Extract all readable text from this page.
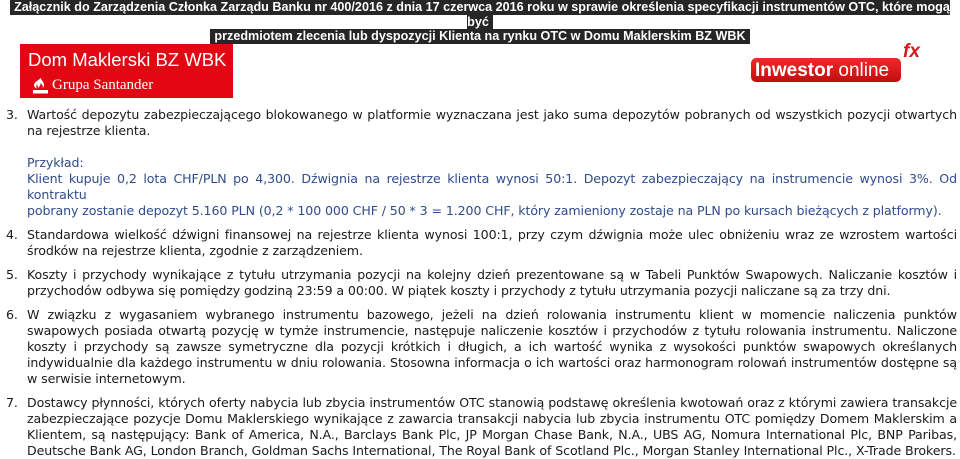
Załącznik do Zarządzenia Członka Zarządu Banku nr 400/2016 z dnia 17 czerwca 2016 roku w sprawie określenia specyfikacji instrumentów OTC, które mogą być
przedmiotem zlecenia lub dyspozycji Klienta na rynku OTC w Domu Maklerskim BZ WBK
Dom Maklerski BZ WBK
Grupa Santander
Inwestor online
fx
3. Wartość depozytu zabezpieczającego blokowanego w platformie wyznaczana jest jako suma depozytów pobranych od wszystkich pozycji otwartych na rejestrze klienta.

Przykład:
Klient kupuje 0,2 lota CHF/PLN po 4,300. Dźwignia na rejestrze klienta wynosi 50:1. Depozyt zabezpieczający na instrumencie wynosi 3%. Od kontraktu
pobrany zostanie depozyt 5.160 PLN (0,2 * 100 000 CHF / 50 * 3 = 1.200 CHF, który zamieniony zostaje na PLN po kursach bieżących z platformy).
4. Standardowa wielkość dźwigni finansowej na rejestrze klienta wynosi 100:1, przy czym dźwignia może ulec obniżeniu wraz ze wzrostem wartości środków na rejestrze klienta, zgodnie z zarządzeniem.

5. Koszty i przychody wynikające z tytułu utrzymania pozycji na kolejny dzień prezentowane są w Tabeli Punktów Swapowych. Naliczanie kosztów i przychodów odbywa się pomiędzy godziną 23:59 a 00:00. W piątek koszty i przychody z tytułu utrzymania pozycji naliczane są za trzy dni.

6. W związku z wygasaniem wybranego instrumentu bazowego, jeżeli na dzień rolowania instrumentu klient w momencie naliczenia punktów swapowych posiada otwartą pozycję w tymże instrumencie, następuje naliczenie kosztów i przychodów z tytułu rolowania instrumentu. Naliczone koszty i przychody są zawsze symetryczne dla pozycji krótkich i długich, a ich wartość wynika z wysokości punktów swapowych określanych indywidualnie dla każdego instrumentu w dniu rolowania. Stosowna informacja o ich wartości oraz harmonogram rolowań instrumentów dostępne są w serwisie internetowym.

7. Dostawcy płynności, których oferty nabycia lub zbycia instrumentów OTC stanowią podstawę określenia kwotowań oraz z którymi zawiera transakcje zabezpieczające pozycje Domu Maklerskiego wynikające z zawarcia transakcji nabycia lub zbycia instrumentu OTC pomiędzy Domem Maklerskim a Klientem, są następujący: Bank of America, N.A., Barclays Bank Plc, JP Morgan Chase Bank, N.A., UBS AG, Nomura International Plc, BNP Paribas, Deutsche Bank AG, London Branch, Goldman Sachs International, The Royal Bank of Scotland Plc., Morgan Stanley International Plc., X-Trade Brokers.
